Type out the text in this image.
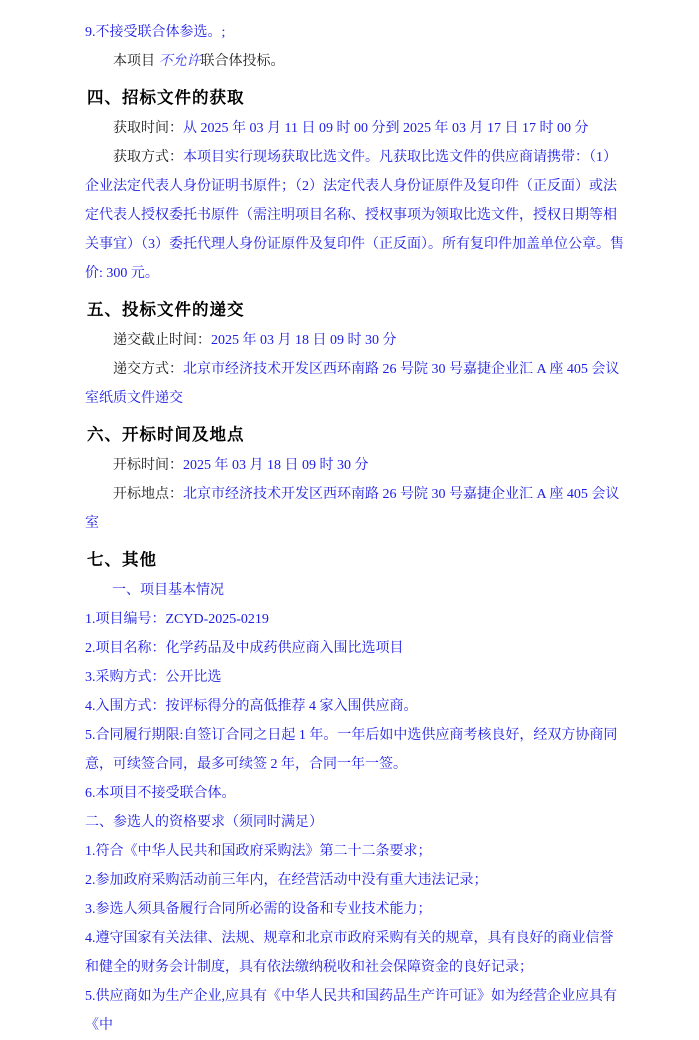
9.不接受联合体参选。;

本项目 不允许联合体投标。

四、招标文件的获取

获取时间：从 2025 年 03 月 11 日 09 时 00 分到 2025 年 03 月 17 日 17 时 00 分

获取方式：本项目实行现场获取比选文件。凡获取比选文件的供应商请携带：（1）企业法定代表人身份证明书原件；（2）法定代表人身份证原件及复印件（正反面）或法定代表人授权委托书原件（需注明项目名称、授权事项为领取比选文件，授权日期等相关事宜）（3）委托代理人身份证原件及复印件（正反面）。所有复印件加盖单位公章。售价: 300 元。

五、投标文件的递交

递交截止时间：2025 年 03 月 18 日 09 时 30 分

递交方式：北京市经济技术开发区西环南路 26 号院 30 号嘉捷企业汇 A 座 405 会议室纸质文件递交

六、开标时间及地点

开标时间：2025 年 03 月 18 日 09 时 30 分

开标地点：北京市经济技术开发区西环南路 26 号院 30 号嘉捷企业汇 A 座 405 会议室

七、其他

一、项目基本情况

1.项目编号：ZCYD-2025-0219

2.项目名称：化学药品及中成药供应商入围比选项目

3.采购方式：公开比选

4.入围方式：按评标得分的高低推荐 4 家入围供应商。

5.合同履行期限:自签订合同之日起 1 年。一年后如中选供应商考核良好，经双方协商同意，可续签合同，最多可续签 2 年，合同一年一签。

6.本项目不接受联合体。

二、参选人的资格要求（须同时满足）

1.符合《中华人民共和国政府采购法》第二十二条要求；

2.参加政府采购活动前三年内，在经营活动中没有重大违法记录；

3.参选人须具备履行合同所必需的设备和专业技术能力；

4.遵守国家有关法律、法规、规章和北京市政府采购有关的规章，具有良好的商业信誉和健全的财务会计制度，具有依法缴纳税收和社会保障资金的良好记录；

5.供应商如为生产企业,应具有《中华人民共和国药品生产许可证》如为经营企业应具有《中
